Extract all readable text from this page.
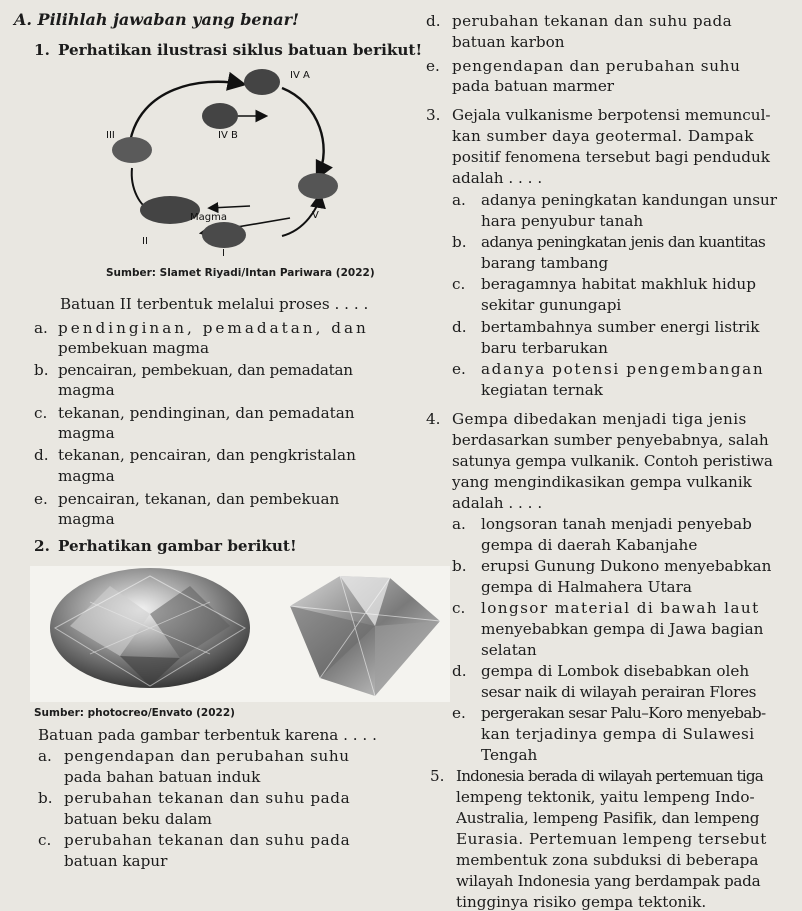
A. Pilihlah jawaban yang benar!
1. Perhatikan ilustrasi siklus batuan berikut!
IV A
III	IV B
Magma	V
II
I
Sumber: Slamet Riyadi/Intan Pariwara (2022)
Batuan II terbentuk melalui proses . . . .
a. pendinginan, pemadatan, dan
pembekuan magma
b. pencairan, pembekuan, dan pemadatan
magma
c. tekanan, pendinginan, dan pemadatan
magma
d. tekanan, pencairan, dan pengkristalan
magma
e. pencairan, tekanan, dan pembekuan
magma
2. Perhatikan gambar berikut!
Sumber: photocreo/Envato (2022)
Batuan pada gambar terbentuk karena . . . .
a. pengendapan dan perubahan suhu
pada bahan batuan induk
b. perubahan tekanan dan suhu pada
batuan beku dalam
c. perubahan tekanan dan suhu pada
batuan kapur
d. perubahan tekanan dan suhu pada
batuan karbon
e. pengendapan dan perubahan suhu
pada batuan marmer
3. Gejala vulkanisme berpotensi memuncul-
kan sumber daya geotermal. Dampak
positif fenomena tersebut bagi penduduk
adalah . . . .
a. adanya peningkatan kandungan unsur
hara penyubur tanah
b. adanya peningkatan jenis dan kuantitas
barang tambang
c. beragamnya habitat makhluk hidup
sekitar gunungapi
d. bertambahnya sumber energi listrik
baru terbarukan
e. adanya potensi pengembangan
kegiatan ternak
4. Gempa dibedakan menjadi tiga jenis
berdasarkan sumber penyebabnya, salah
satunya gempa vulkanik. Contoh peristiwa
yang mengindikasikan gempa vulkanik
adalah . . . .
a. longsoran tanah menjadi penyebab
gempa di daerah Kabanjahe
b. erupsi Gunung Dukono menyebabkan
gempa di Halmahera Utara
c. longsor material di bawah laut
menyebabkan gempa di Jawa bagian
selatan
d. gempa di Lombok disebabkan oleh
sesar naik di wilayah perairan Flores
e. pergerakan sesar Palu–Koro menyebab-
kan terjadinya gempa di Sulawesi
Tengah
5. Indonesia berada di wilayah pertemuan tiga
lempeng tektonik, yaitu lempeng Indo-
Australia, lempeng Pasifik, dan lempeng
Eurasia. Pertemuan lempeng tersebut
membentuk zona subduksi di beberapa
wilayah Indonesia yang berdampak pada
tingginya risiko gempa tektonik.
